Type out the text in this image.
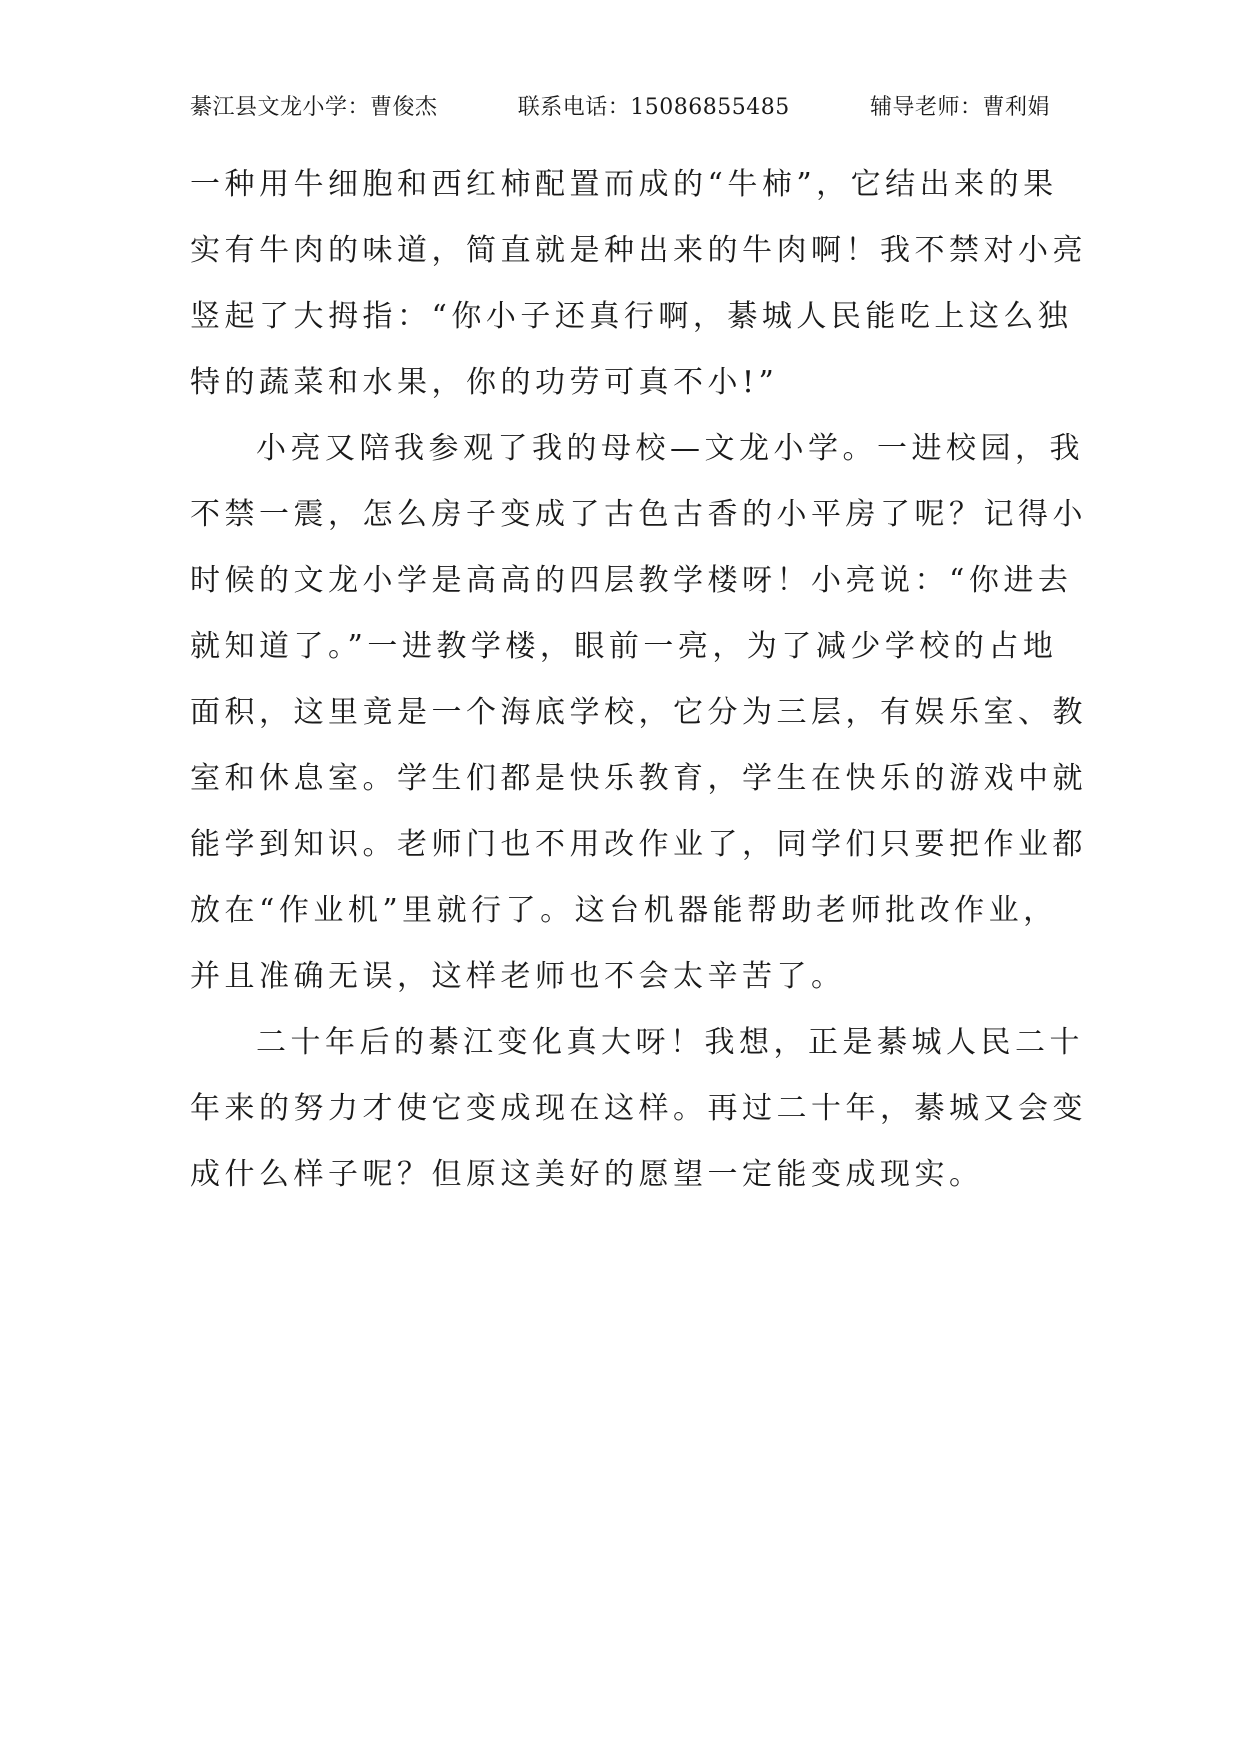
綦江县文龙小学：曹俊杰	联系电话：15086855485	辅导老师：曹利娟
一种用牛细胞和西红柿配置而成的“牛柿”，它结出来的果
实有牛肉的味道，简直就是种出来的牛肉啊！我不禁对小亮
竖起了大拇指：“你小子还真行啊，綦城人民能吃上这么独
特的蔬菜和水果，你的功劳可真不小!”
小亮又陪我参观了我的母校—文龙小学。一进校园，我
不禁一震，怎么房子变成了古色古香的小平房了呢？记得小
时候的文龙小学是高高的四层教学楼呀！小亮说：“你进去
就知道了。”一进教学楼，眼前一亮，为了减少学校的占地
面积，这里竟是一个海底学校，它分为三层，有娱乐室、教
室和休息室。学生们都是快乐教育，学生在快乐的游戏中就
能学到知识。老师门也不用改作业了，同学们只要把作业都
放在“作业机”里就行了。这台机器能帮助老师批改作业，
并且准确无误，这样老师也不会太辛苦了。
二十年后的綦江变化真大呀！我想，正是綦城人民二十
年来的努力才使它变成现在这样。再过二十年，綦城又会变
成什么样子呢？但原这美好的愿望一定能变成现实。
